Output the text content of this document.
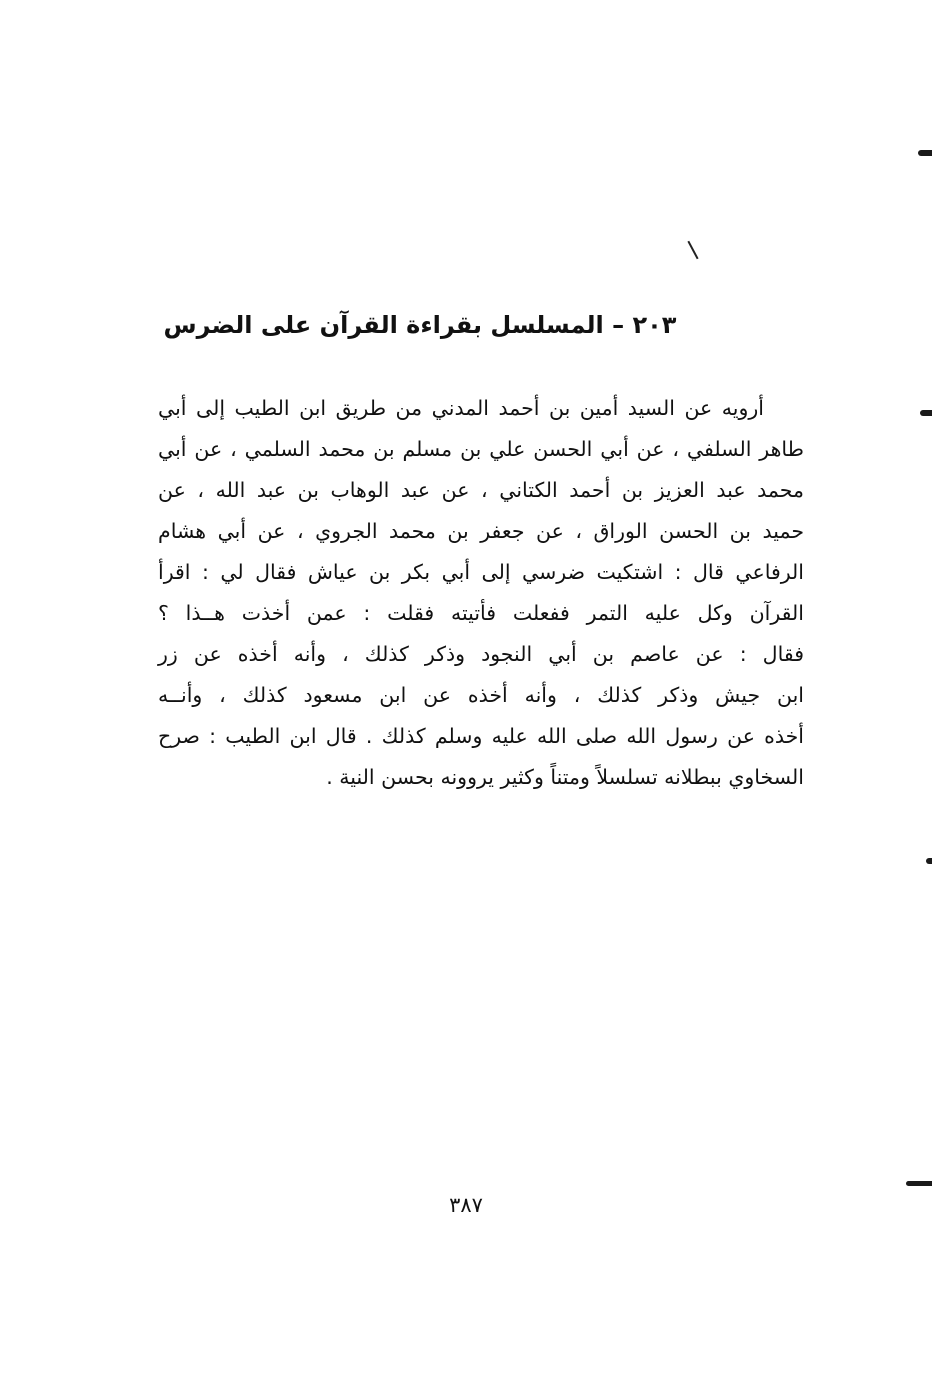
٢٠٣ – المسلسل بقراءة القرآن على الضرس
أرويه عن السيد أمين بن أحمد المدني من طريق ابن الطيب إلى أبي
طاهر السلفي ، عن أبي الحسن علي بن مسلم بن محمد السلمي ، عن أبي
محمد عبد العزيز بن أحمد الكتاني ، عن عبد الوهاب بن عبد الله ، عن
حميد بن الحسن الوراق ، عن جعفر بن محمد الجروي ، عن أبي هشام
الرفاعي قال : اشتكيت ضرسي إلى أبي بكر بن عياش فقال لي : اقرأ
القرآن وكل عليه التمر ففعلت فأتيته فقلت : عمن أخذت هــذا ؟
فقال : عن عاصم بن أبي النجود وذكر كذلك ، وأنه أخذه عن زر
ابن جيش وذكر كذلك ، وأنه أخذه عن ابن مسعود كذلك ، وأنــه
أخذه عن رسول الله صلى الله عليه وسلم كذلك . قال ابن الطيب : صرح
السخاوي ببطلانه تسلسلاً ومتناً وكثير يروونه بحسن النية .
٣٨٧
